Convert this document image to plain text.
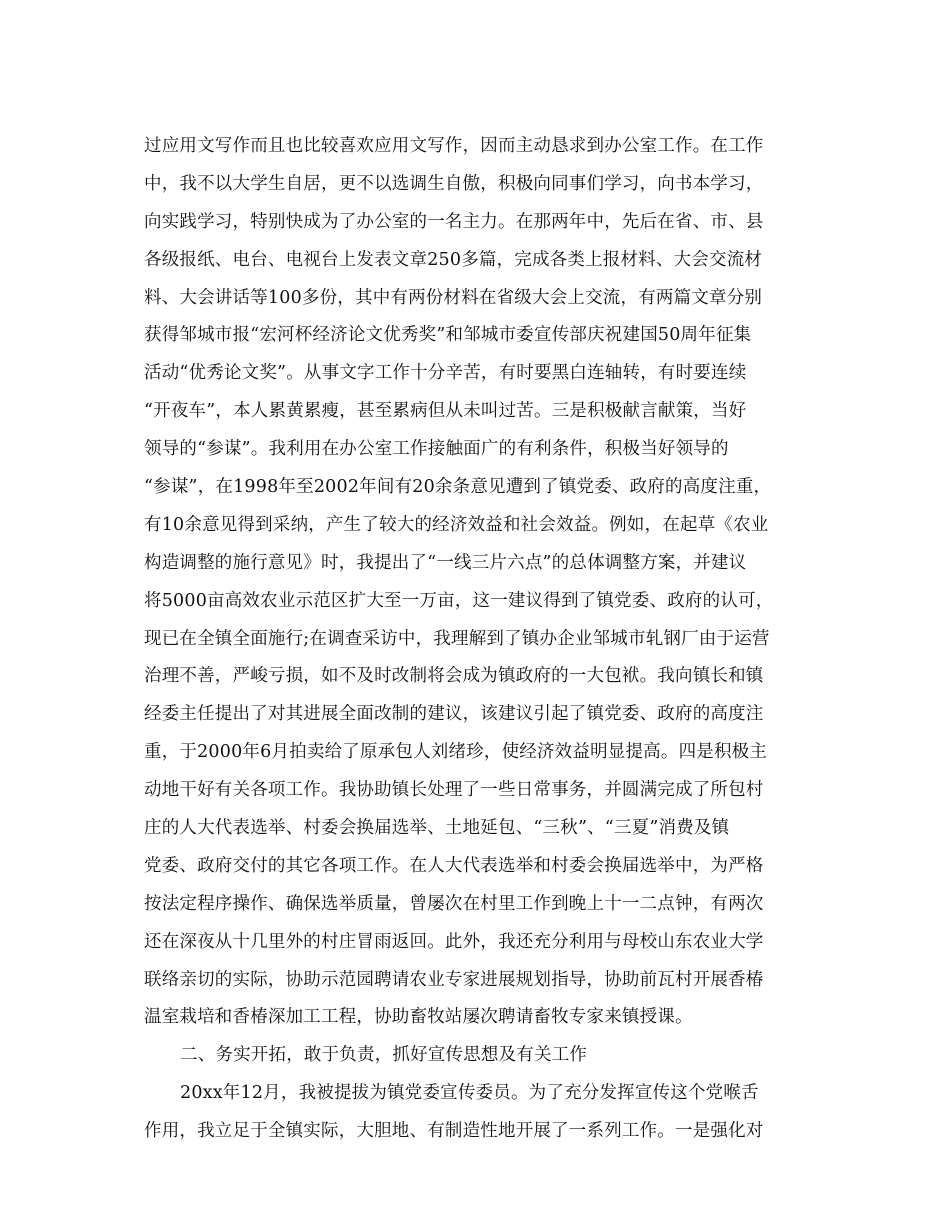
过应用文写作而且也比较喜欢应用文写作，因而主动恳求到办公室工作。在工作
中，我不以大学生自居，更不以选调生自傲，积极向同事们学习，向书本学习，
向实践学习，特别快成为了办公室的一名主力。在那两年中，先后在省、市、县
各级报纸、电台、电视台上发表文章250多篇，完成各类上报材料、大会交流材
料、大会讲话等100多份，其中有两份材料在省级大会上交流，有两篇文章分别
获得邹城市报“宏河杯经济论文优秀奖”和邹城市委宣传部庆祝建国50周年征集
活动“优秀论文奖”。从事文字工作十分辛苦，有时要黑白连轴转，有时要连续
“开夜车”，本人累黄累瘦，甚至累病但从未叫过苦。三是积极献言献策，当好
领导的“参谋”。我利用在办公室工作接触面广的有利条件，积极当好领导的
“参谋”，在1998年至2002年间有20余条意见遭到了镇党委、政府的高度注重，
有10余意见得到采纳，产生了较大的经济效益和社会效益。例如，在起草《农业
构造调整的施行意见》时，我提出了“一线三片六点”的总体调整方案，并建议
将5000亩高效农业示范区扩大至一万亩，这一建议得到了镇党委、政府的认可，
现已在全镇全面施行;在调查采访中，我理解到了镇办企业邹城市轧钢厂由于运营
治理不善，严峻亏损，如不及时改制将会成为镇政府的一大包袱。我向镇长和镇
经委主任提出了对其进展全面改制的建议，该建议引起了镇党委、政府的高度注
重，于2000年6月拍卖给了原承包人刘绪珍，使经济效益明显提高。四是积极主
动地干好有关各项工作。我协助镇长处理了一些日常事务，并圆满完成了所包村
庄的人大代表选举、村委会换届选举、土地延包、“三秋”、“三夏”消费及镇
党委、政府交付的其它各项工作。在人大代表选举和村委会换届选举中，为严格
按法定程序操作、确保选举质量，曾屡次在村里工作到晚上十一二点钟，有两次
还在深夜从十几里外的村庄冒雨返回。此外，我还充分利用与母校山东农业大学
联络亲切的实际，协助示范园聘请农业专家进展规划指导，协助前瓦村开展香椿
温室栽培和香椿深加工工程，协助畜牧站屡次聘请畜牧专家来镇授课。
二、务实开拓，敢于负责，抓好宣传思想及有关工作
20xx年12月，我被提拔为镇党委宣传委员。为了充分发挥宣传这个党喉舌
作用，我立足于全镇实际，大胆地、有制造性地开展了一系列工作。一是强化对
